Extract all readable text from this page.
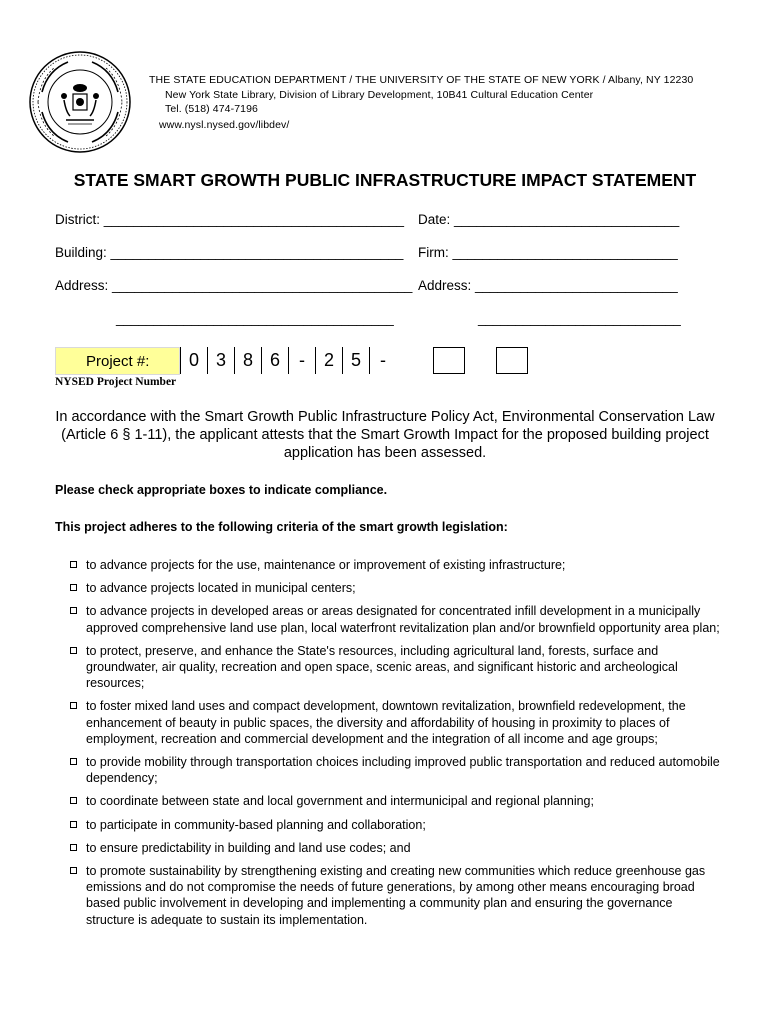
THE STATE EDUCATION DEPARTMENT / THE UNIVERSITY OF THE STATE OF NEW YORK / Albany, NY 12230
New York State Library, Division of Library Development, 10B41 Cultural Education Center
Tel. (518) 474-7196
www.nysl.nysed.gov/libdev/
STATE SMART GROWTH PUBLIC INFRASTRUCTURE IMPACT STATEMENT
District: ________________________________________ Date: ______________________________
Building: _______________________________________ Firm: ______________________________
Address: ________________________________________ Address: ___________________________
_____________________________________	___________________________
Project #:	0 3 8 6	-	2 5	-
NYSED Project Number
In accordance with the Smart Growth Public Infrastructure Policy Act, Environmental Conservation Law (Article 6 § 1-11), the applicant attests that the Smart Growth Impact for the proposed building project application has been assessed.
Please check appropriate boxes to indicate compliance.
This project adheres to the following criteria of the smart growth legislation:
to advance projects for the use, maintenance or improvement of existing infrastructure;
to advance projects located in municipal centers;
to advance projects in developed areas or areas designated for concentrated infill development in a municipally approved comprehensive land use plan, local waterfront revitalization plan and/or brownfield opportunity area plan;
to protect, preserve, and enhance the State's resources, including agricultural land, forests, surface and groundwater, air quality, recreation and open space, scenic areas, and significant historic and archeological resources;
to foster mixed land uses and compact development, downtown revitalization, brownfield redevelopment, the enhancement of beauty in public spaces, the diversity and affordability of housing in proximity to places of employment, recreation and commercial development and the integration of all income and age groups;
to provide mobility through transportation choices including improved public transportation and reduced automobile dependency;
to coordinate between state and local government and intermunicipal and regional planning;
to participate in community-based planning and collaboration;
to ensure predictability in building and land use codes; and
to promote sustainability by strengthening existing and creating new communities which reduce greenhouse gas emissions and do not compromise the needs of future generations, by among other means encouraging broad based public involvement in developing and implementing a community plan and ensuring the governance structure is adequate to sustain its implementation.
